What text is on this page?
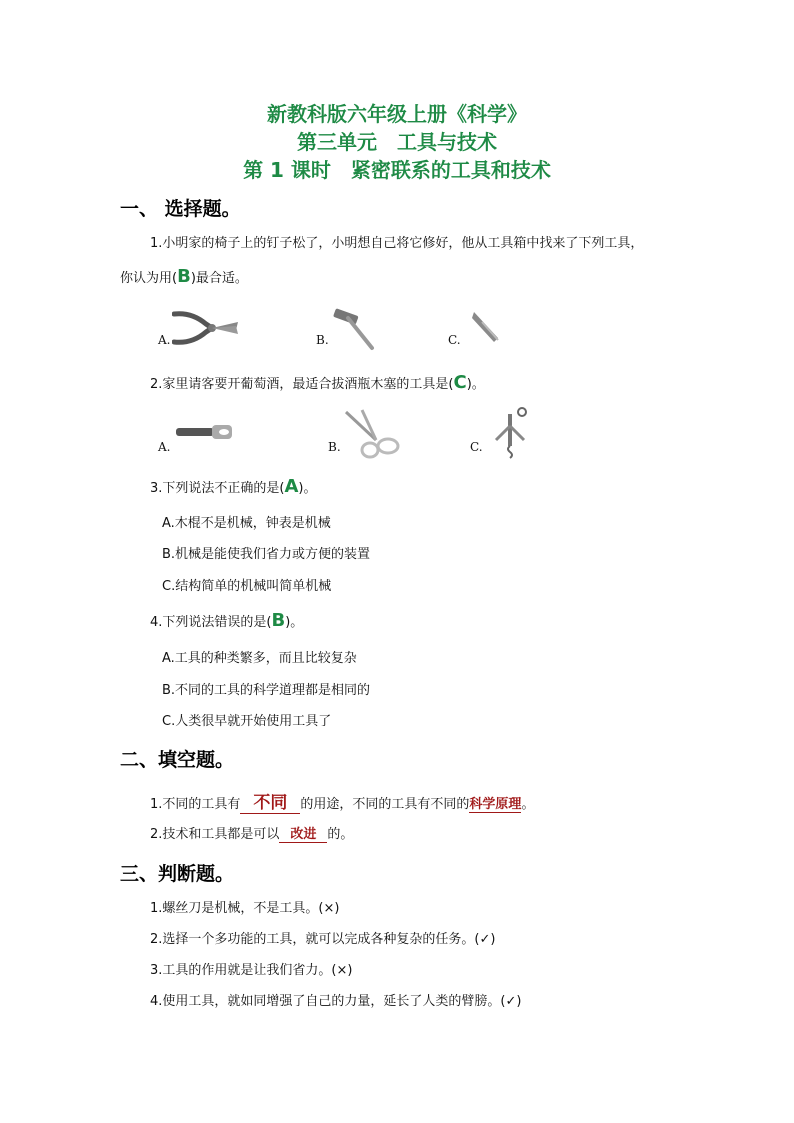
新教科版六年级上册《科学》
第三单元　工具与技术
第 1 课时　紧密联系的工具和技术
一、 选择题。
1.小明家的椅子上的钉子松了，小明想自己将它修好，他从工具箱中找来了下列工具，
你认为用(B)最合适。
A.	B.	C.
2.家里请客要开葡萄酒，最适合拔酒瓶木塞的工具是(C)。
A.	B.	C.
3.下列说法不正确的是(A)。
A.木棍不是机械，钟表是机械
B.机械是能使我们省力或方便的装置
C.结构简单的机械叫简单机械
4.下列说法错误的是(B)。
A.工具的种类繁多，而且比较复杂
B.不同的工具的科学道理都是相同的
C.人类很早就开始使用工具了
二、填空题。
1.不同的工具有 不同 的用途，不同的工具有不同的科学原理。
2.技术和工具都是可以 改进 的。
三、判断题。
1.螺丝刀是机械，不是工具。(×)
2.选择一个多功能的工具，就可以完成各种复杂的任务。(✓)
3.工具的作用就是让我们省力。(×)
4.使用工具，就如同增强了自己的力量，延长了人类的臂膀。(✓)
